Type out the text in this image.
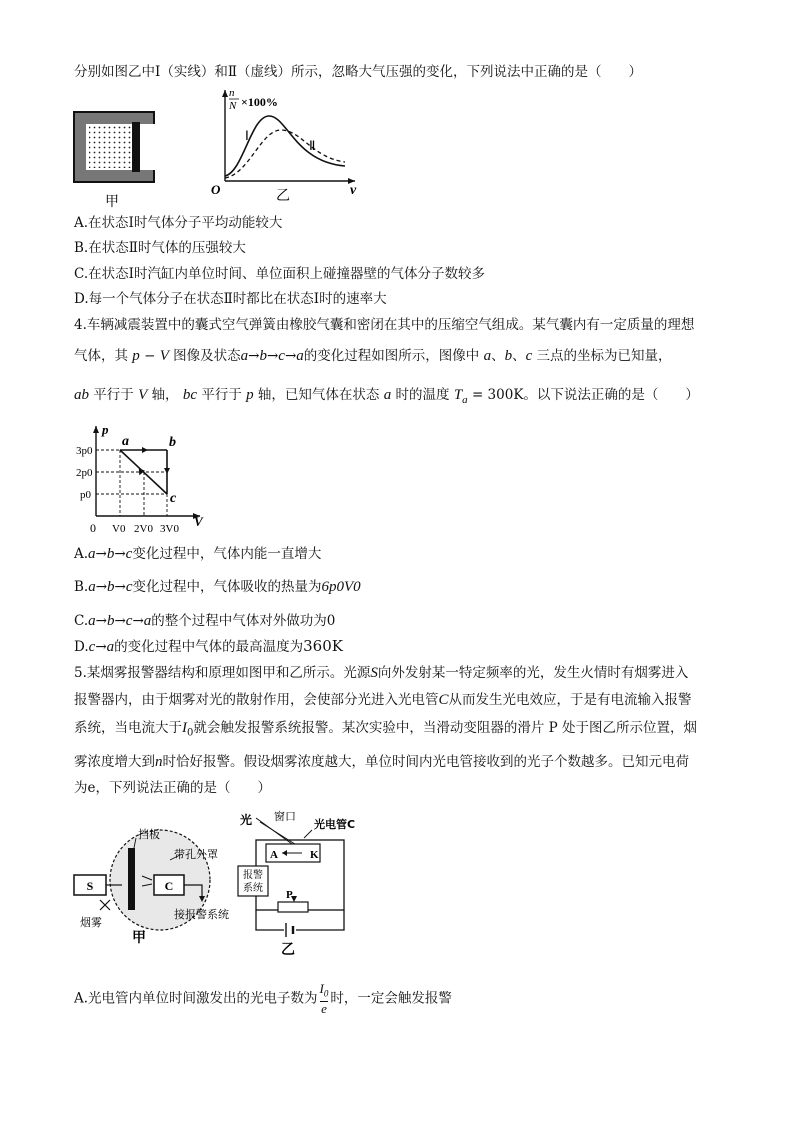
分别如图乙中Ⅰ（实线）和Ⅱ（虚线）所示，忽略大气压强的变化，下列说法中正确的是（　　）
甲
n
N ×100%
Ⅰ
Ⅱ
O	v
乙
A.在状态Ⅰ时气体分子平均动能较大
B.在状态Ⅱ时气体的压强较大
C.在状态Ⅰ时汽缸内单位时间、单位面积上碰撞器壁的气体分子数较多
D.每一个气体分子在状态Ⅱ时都比在状态Ⅰ时的速率大
4.车辆减震装置中的囊式空气弹簧由橡胶气囊和密闭在其中的压缩空气组成。某气囊内有一定质量的理想
气体，其 p − V 图像及状态a→b→c→a的变化过程如图所示，图像中 a、b、c 三点的坐标为已知量，
ab 平行于 V 轴， bc 平行于 p 轴，已知气体在状态 a 时的温度 $T_a = 300K$。以下说法正确的是（　　）
p
V
a	b
c
3p0
2p0
p0
0 V0 2V0 3V0
A.a→b→c变化过程中，气体内能一直增大
B.a→b→c变化过程中，气体吸收的热量为6p0V0
C.a→b→c→a的整个过程中气体对外做功为0
D.c→a的变化过程中气体的最高温度为360K
5.某烟雾报警器结构和原理如图甲和乙所示。光源S向外发射某一特定频率的光，发生火情时有烟雾进入
报警器内，由于烟雾对光的散射作用，会使部分光进入光电管C从而发生光电效应，于是有电流输入报警
系统，当电流大于$I_0$就会触发报警系统报警。某次实验中，当滑动变阻器的滑片 P 处于图乙所示位置，烟
雾浓度增大到n时恰好报警。假设烟雾浓度越大，单位时间内光电管接收到的光子个数越多。已知元电荷
为e，下列说法正确的是（　　）
S	C
挡板
带孔外罩
接报警系统
烟雾
甲
光 窗口
光电管C
A	K
报警
系统
P
乙
A.光电管内单位时间激发出的光电子数为 $\frac{I_0}{e}$ 时，一定会触发报警
